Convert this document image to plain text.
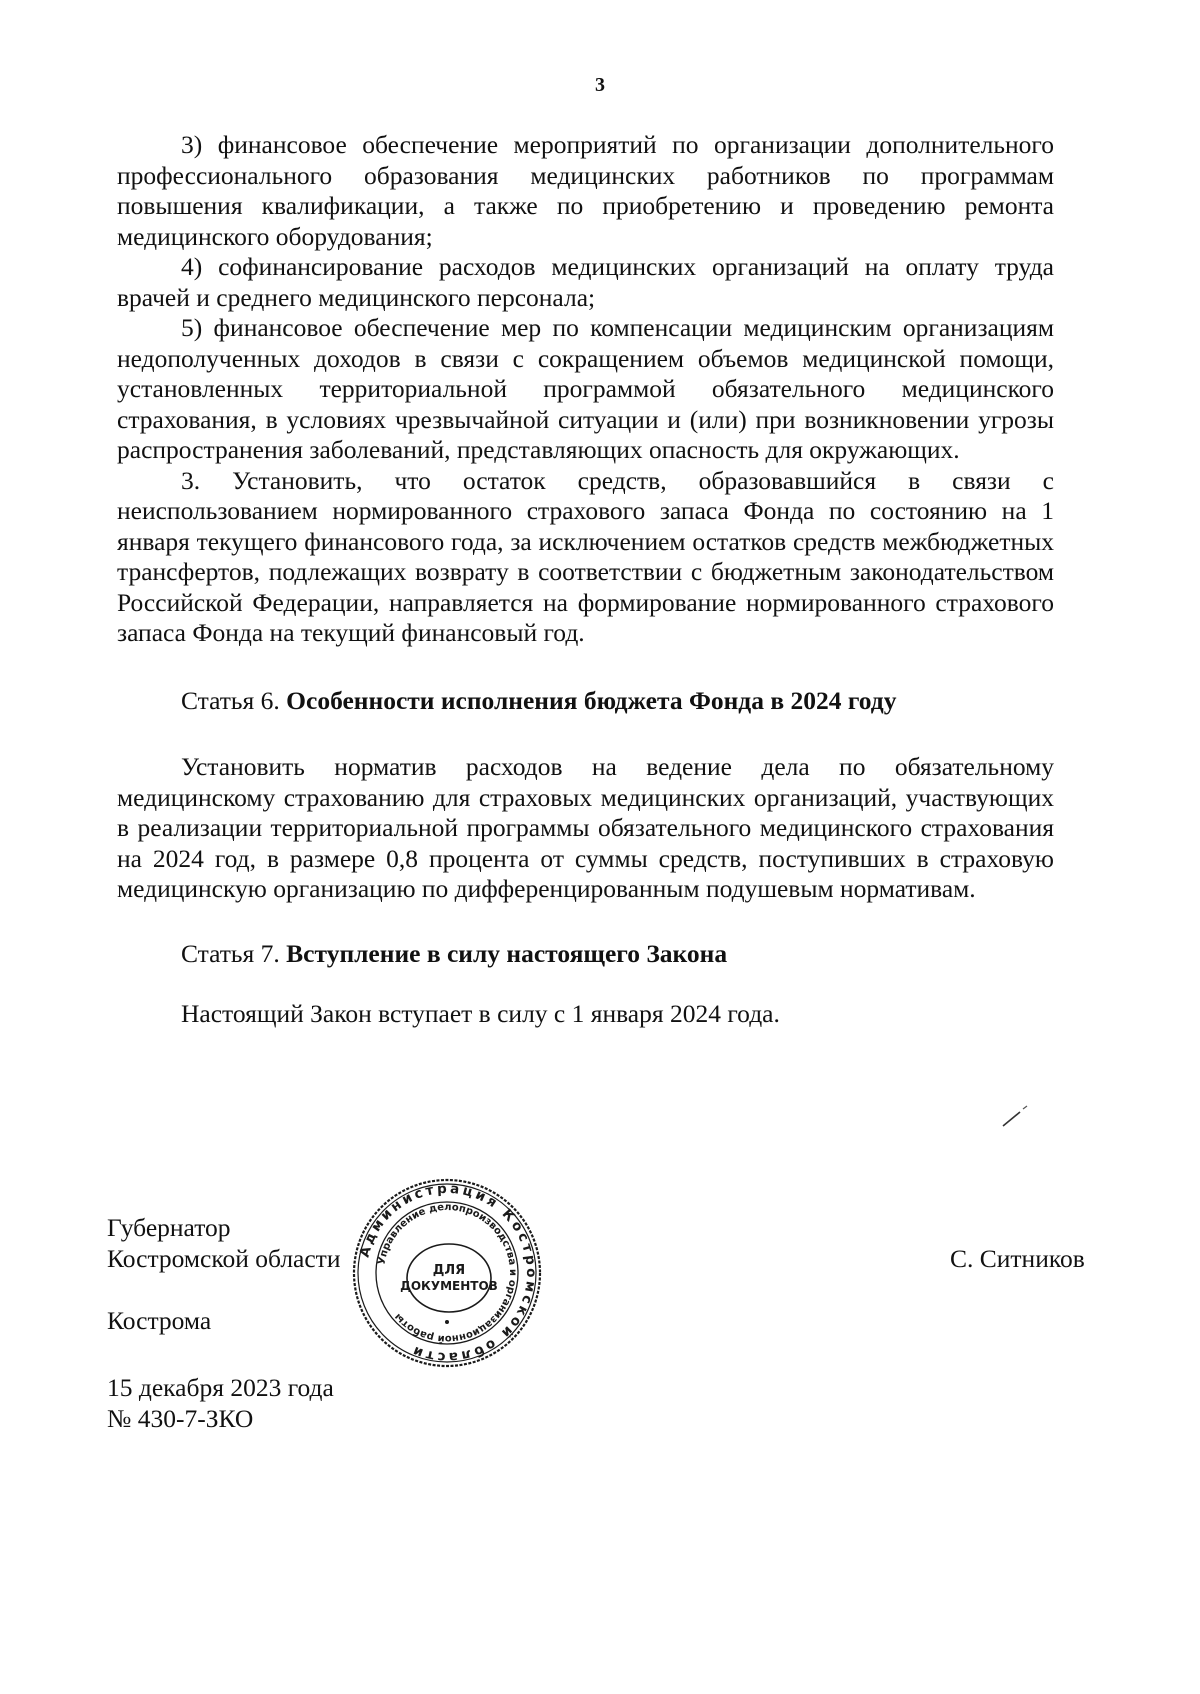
3

3) финансовое обеспечение мероприятий по организации дополнительного профессионального образования медицинских работников по программам повышения квалификации, а также по приобретению и проведению ремонта медицинского оборудования;

4) софинансирование расходов медицинских организаций на оплату труда врачей и среднего медицинского персонала;

5) финансовое обеспечение мер по компенсации медицинским организациям недополученных доходов в связи с сокращением объемов медицинской помощи, установленных территориальной программой обязательного медицинского страхования, в условиях чрезвычайной ситуации и (или) при возникновении угрозы распространения заболеваний, представляющих опасность для окружающих.

3. Установить, что остаток средств, образовавшийся в связи с неиспользованием нормированного страхового запаса Фонда по состоянию на 1 января текущего финансового года, за исключением остатков средств межбюджетных трансфертов, подлежащих возврату в соответствии с бюджетным законодательством Российской Федерации, направляется на формирование нормированного страхового запаса Фонда на текущий финансовый год.

Статья 6. Особенности исполнения бюджета Фонда в 2024 году

Установить норматив расходов на ведение дела по обязательному медицинскому страхованию для страховых медицинских организаций, участвующих в реализации территориальной программы обязательного медицинского страхования на 2024 год, в размере 0,8 процента от суммы средств, поступивших в страховую медицинскую организацию по дифференцированным подушевым нормативам.

Статья 7. Вступление в силу настоящего Закона

Настоящий Закон вступает в силу с 1 января 2024 года.

Губернатор
Костромской области
Кострома
15 декабря 2023 года
№ 430-7-ЗКО
С. Ситников
Администрация Костромской области
Управление делопроизводства и организационной работы
ДЛЯ
ДОКУМЕНТОВ
